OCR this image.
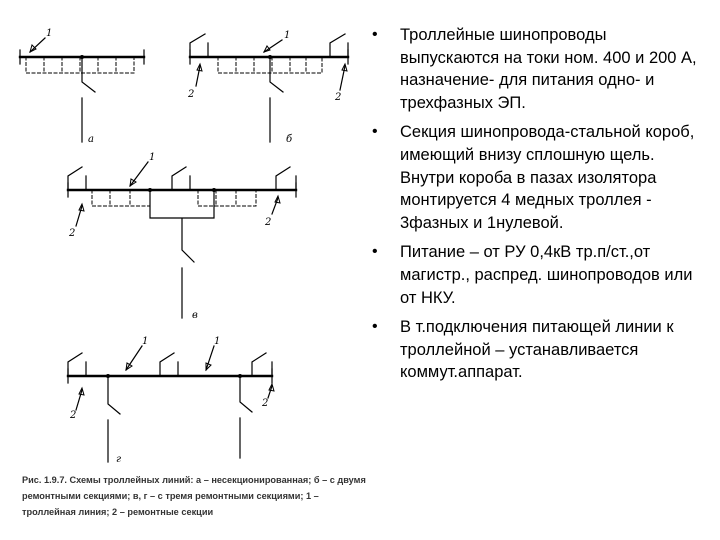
1
а
1
2	2
б
1
2
2
в
1	1
2
2
г

Рис. 1.9.7. Схемы троллейных линий: а – несекционированная; б – с двумя ремонтными секциями; в, г – с тремя ремонтными секциями; 1 – троллейная линия; 2 – ремонтные секции

• Троллейные шинопроводы выпускаются на токи ном. 400 и 200 А, назначение- для питания одно- и трехфазных ЭП.
• Секция шинопровода-стальной короб, имеющий внизу сплошную щель. Внутри короба в пазах изолятора монтируется 4 медных троллея - 3фазных и 1нулевой.
• Питание – от РУ 0,4кВ тр.п/ст.,от магистр., распред. шинопроводов или от НКУ.
• В т.подключения питающей линии к троллейной – устанавливается коммут.аппарат.
